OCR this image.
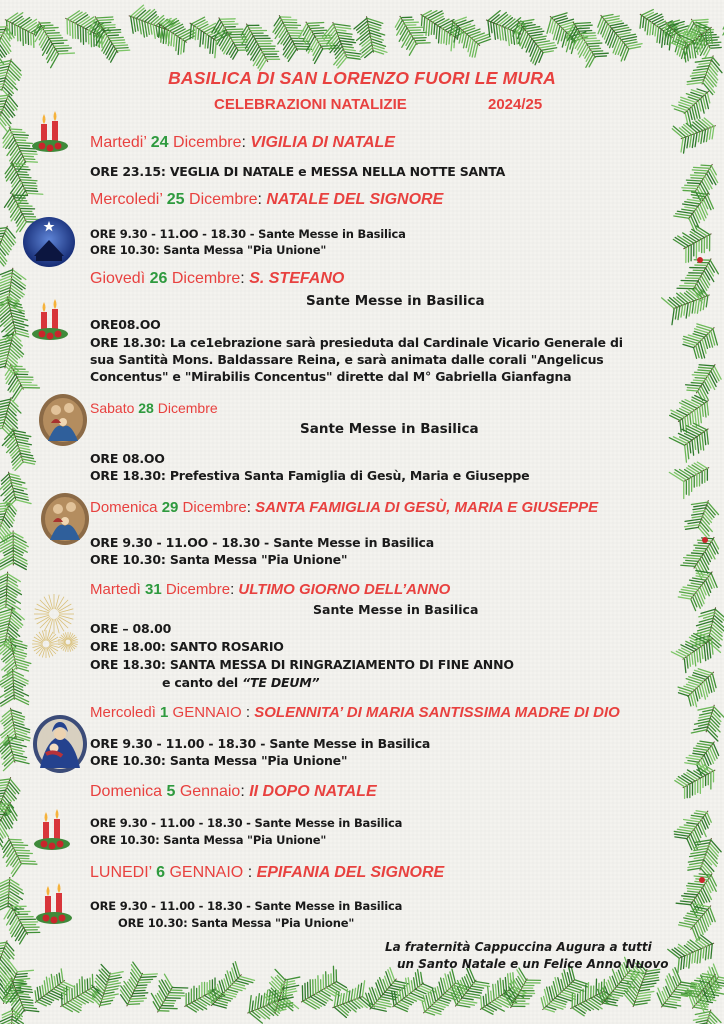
BASILICA DI SAN LORENZO FUORI LE MURA
CELEBRAZIONI NATALIZIE	2024/25
Martedi’ 24 Dicembre: VIGILIA DI NATALE
Mercoledi’ 25 Dicembre: NATALE DEL SIGNORE
Giovedì 26 Dicembre: S. STEFANO
Sabato 28 Dicembre
Domenica 29 Dicembre: SANTA FAMIGLIA DI GESÙ, MARIA E GIUSEPPE
Martedì 31 Dicembre: ULTIMO GIORNO DELL’ANNO
Mercoledì 1 GENNAIO : SOLENNITA’ DI MARIA SANTISSIMA MADRE DI DIO
Domenica 5 Gennaio: II DOPO NATALE
LUNEDI’ 6 GENNAIO : EPIFANIA DEL SIGNORE
ORE 23.15: VEGLIA DI NATALE e MESSA NELLA NOTTE SANTA
ORE 9.30 - 11.OO - 18.30 - Sante Messe in Basilica
ORE 10.30: Santa Messa "Pia Unione"
Sante Messe in Basilica
ORE08.OO
ORE 18.30: La ce1ebrazione sarà presieduta dal Cardinale Vicario Generale di sua Santità Mons. Baldassare Reina, e sarà animata dalle corali "Angelicus Concentus" e "Mirabilis Concentus" dirette dal M° Gabriella Gianfagna
Sante Messe in Basilica
ORE 08.OO
ORE 18.30: Prefestiva Santa Famiglia di Gesù, Maria e Giuseppe
ORE 9.30 - 11.OO - 18.30 - Sante Messe in Basilica
ORE 10.30: Santa Messa "Pia Unione"
Sante Messe in Basilica
ORE – 08.00
ORE 18.00: SANTO ROSARIO
ORE 18.30: SANTA MESSA DI RINGRAZIAMENTO DI FINE ANNO
e canto del “TE DEUM”
ORE 9.30 - 11.00 - 18.30 - Sante Messe in Basilica
ORE 10.30: Santa Messa "Pia Unione"
ORE 9.30 - 11.00 - 18.30 - Sante Messe in Basilica
ORE 10.30: Santa Messa "Pia Unione"
ORE 9.30 - 11.00 - 18.30 - Sante Messe in Basilica
ORE 10.30: Santa Messa "Pia Unione"
La fraternità Cappuccina Augura a tutti
un Santo Natale e un Felice Anno Nuovo
